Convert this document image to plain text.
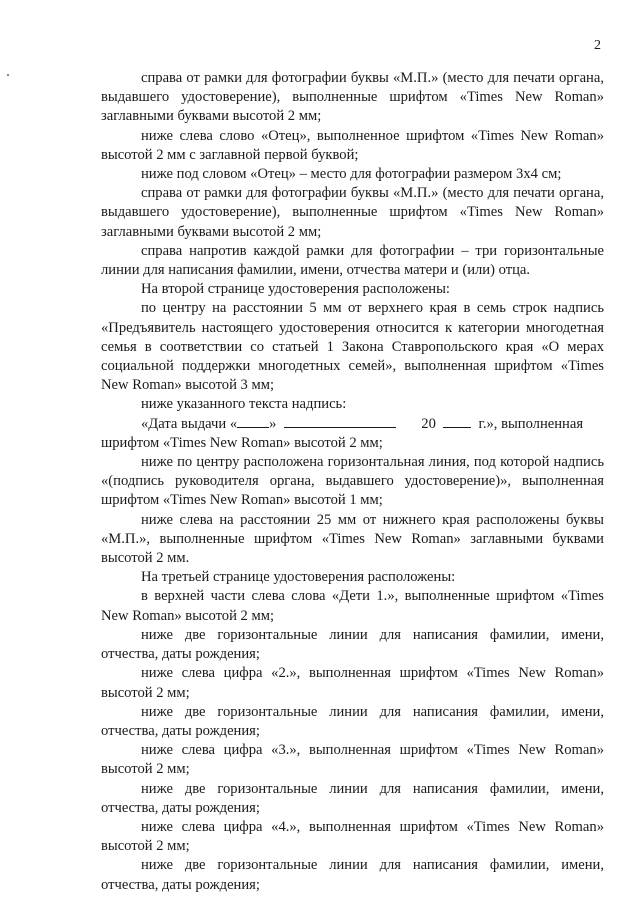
2

справа от рамки для фотографии буквы «М.П.» (место для печати органа, выдавшего удостоверение), выполненные шрифтом «Times New Roman» заглавными буквами высотой 2 мм;

ниже слева слово «Отец», выполненное шрифтом «Times New Roman» высотой 2 мм с заглавной первой буквой;

ниже под словом «Отец» – место для фотографии размером 3х4 см;

справа от рамки для фотографии буквы «М.П.» (место для печати органа, выдавшего удостоверение), выполненные шрифтом «Times New Roman» заглавными буквами высотой 2 мм;

справа напротив каждой рамки для фотографии – три горизонтальные линии для написания фамилии, имени, отчества матери и (или) отца.

На второй странице удостоверения расположены:

по центру на расстоянии 5 мм от верхнего края в семь строк надпись «Предъявитель настоящего удостоверения относится к категории многодетная семья в соответствии со статьей 1 Закона Ставропольского края «О мерах социальной поддержки многодетных семей», выполненная шрифтом «Times New Roman» высотой 3 мм;

ниже указанного текста надпись:

«Дата выдачи « »	20	г.», выполненная
шрифтом «Times New Roman» высотой 2 мм;

ниже по центру расположена горизонтальная линия, под которой надпись «(подпись руководителя органа, выдавшего удостоверение)», выполненная шрифтом «Times New Roman» высотой 1 мм;

ниже слева на расстоянии 25 мм от нижнего края расположены буквы «М.П.», выполненные шрифтом «Times New Roman» заглавными буквами высотой 2 мм.

На третьей странице удостоверения расположены:

в верхней части слева слова «Дети 1.», выполненные шрифтом «Times New Roman» высотой 2 мм;

ниже две горизонтальные линии для написания фамилии, имени, отчества, даты рождения;

ниже слева цифра «2.», выполненная шрифтом «Times New Roman» высотой 2 мм;

ниже две горизонтальные линии для написания фамилии, имени, отчества, даты рождения;

ниже слева цифра «3.», выполненная шрифтом «Times New Roman» высотой 2 мм;

ниже две горизонтальные линии для написания фамилии, имени, отчества, даты рождения;

ниже слева цифра «4.», выполненная шрифтом «Times New Roman» высотой 2 мм;

ниже две горизонтальные линии для написания фамилии, имени, отчества, даты рождения;
